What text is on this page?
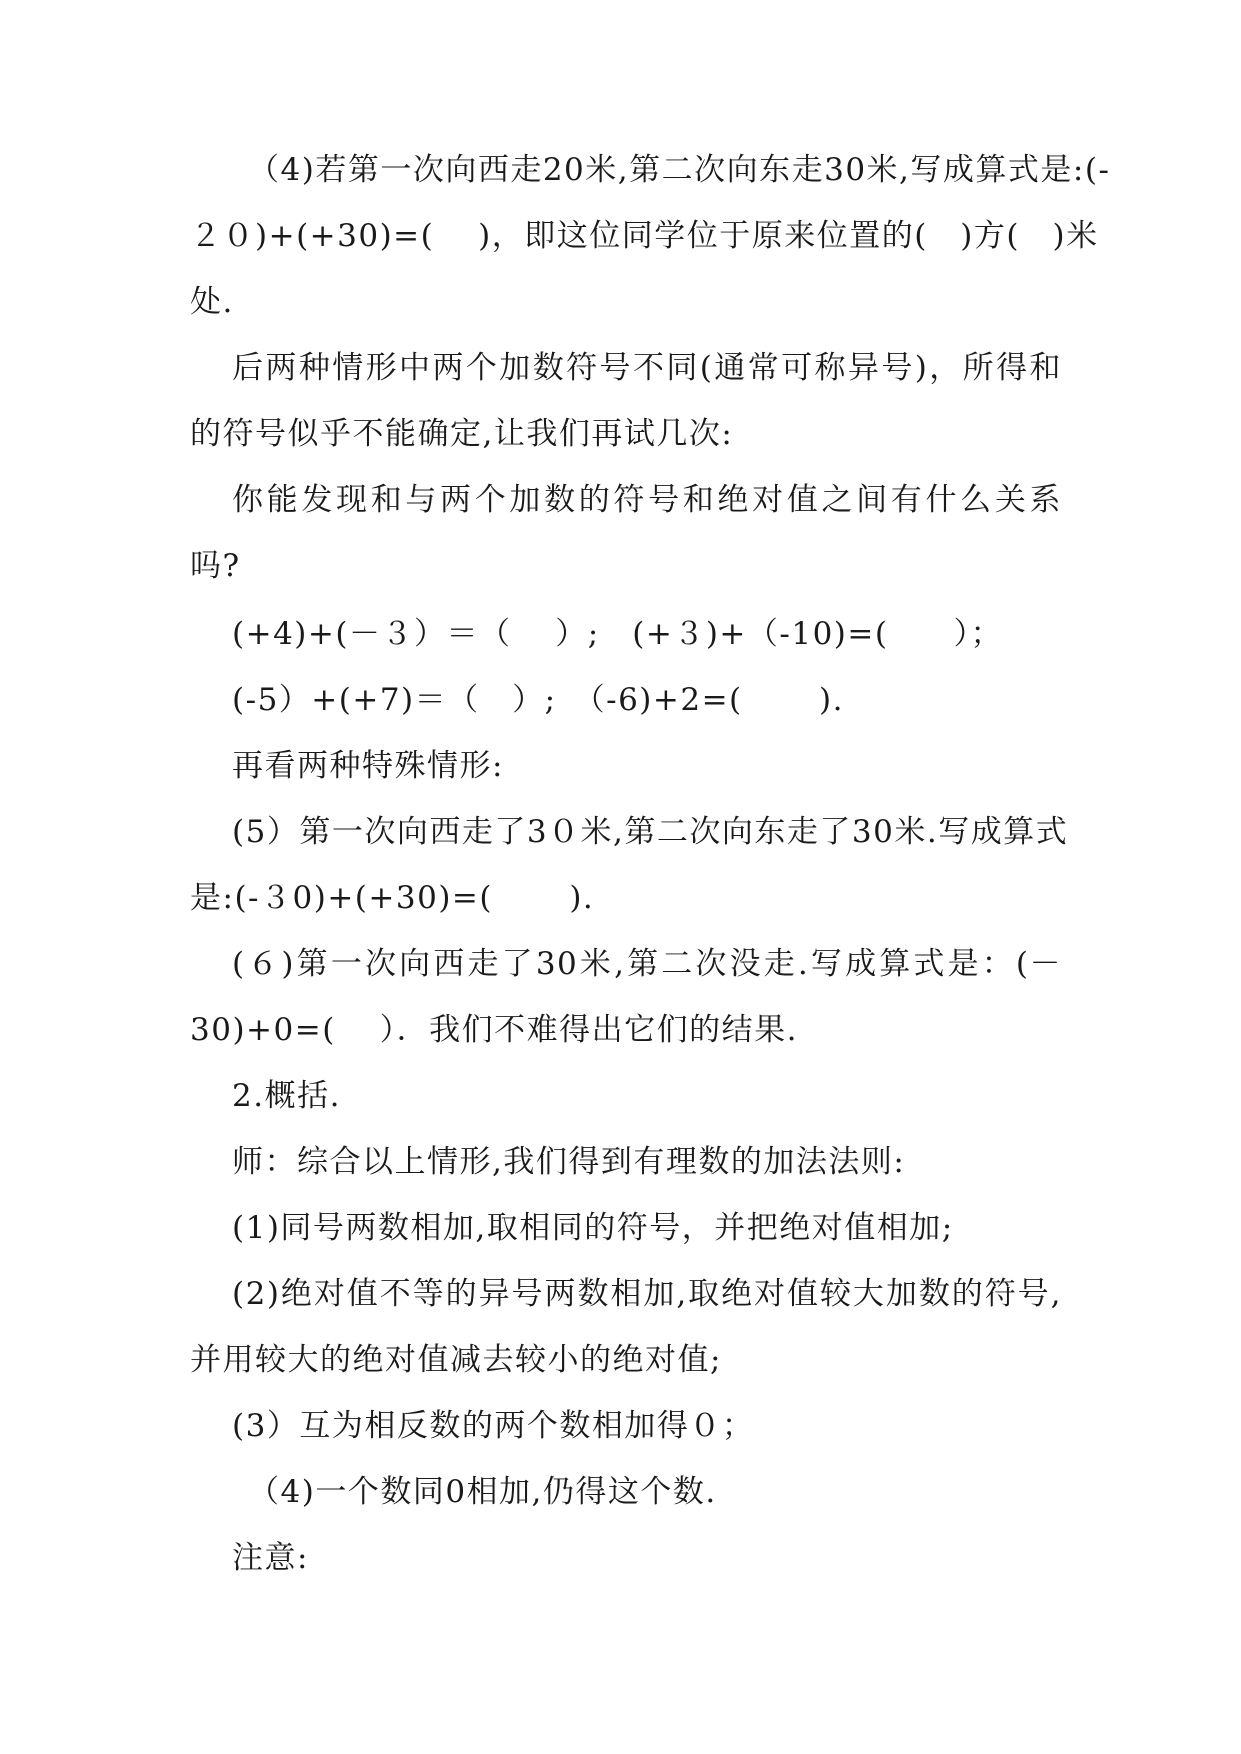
（4)若第一次向西走20米,第二次向东走30米,写成算式是:(-
２０)+(+30)=(　 )，即这位同学位于原来位置的(　)方(　)米
处.
后两种情形中两个加数符号不同(通常可称异号)，所得和
的符号似乎不能确定,让我们再试几次:
你能发现和与两个加数的符号和绝对值之间有什么关系
吗?
(+4)+(－３）＝（　 ）;　(+３)+（-10)=(　　）；
(-5）+(+7)＝（　）;　（-6)+2=(　　 ).
再看两种特殊情形:
(5）第一次向西走了3０米,第二次向东走了30米.写成算式
是:(-３0)+(+30)=(　　 ).
(６)第一次向西走了30米,第二次没走.写成算式是：(－
30)+0=(　 ）．我们不难得出它们的结果.
2.概括.
师：综合以上情形,我们得到有理数的加法法则:
(1)同号两数相加,取相同的符号，并把绝对值相加;
(2)绝对值不等的异号两数相加,取绝对值较大加数的符号,
并用较大的绝对值减去较小的绝对值;
(3）互为相反数的两个数相加得０；
（4)一个数同0相加,仍得这个数.
注意:
